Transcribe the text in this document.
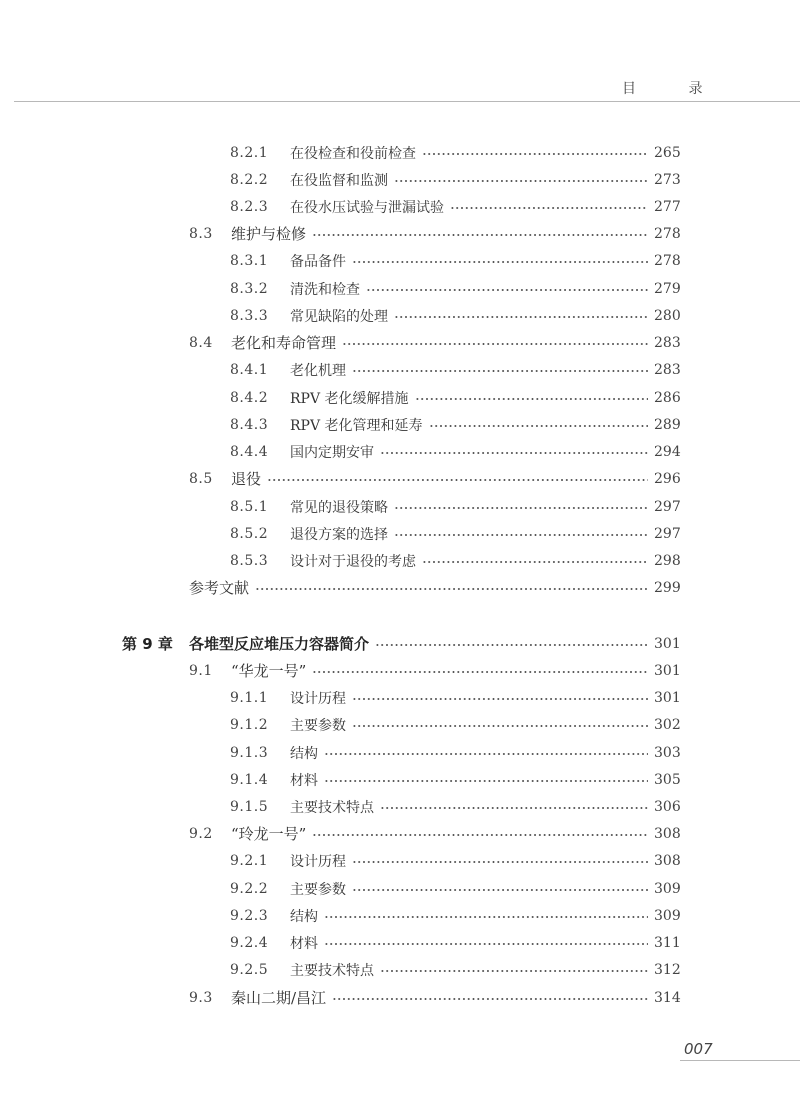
目 录
8.2.1 在役检查和役前检查	265
8.2.2 在役监督和监测	273
8.2.3 在役水压试验与泄漏试验	277
8.3 维护与检修	278
8.3.1 备品备件	278
8.3.2 清洗和检查	279
8.3.3 常见缺陷的处理	280
8.4 老化和寿命管理	283
8.4.1 老化机理	283
8.4.2 RPV 老化缓解措施	286
8.4.3 RPV 老化管理和延寿	289
8.4.4 国内定期安审	294
8.5 退役	296
8.5.1 常见的退役策略	297
8.5.2 退役方案的选择	297
8.5.3 设计对于退役的考虑	298
参考文献	299
第 9 章 各堆型反应堆压力容器简介	301
9.1 “华龙一号”	301
9.1.1 设计历程	301
9.1.2 主要参数	302
9.1.3 结构	303
9.1.4 材料	305
9.1.5 主要技术特点	306
9.2 “玲龙一号”	308
9.2.1 设计历程	308
9.2.2 主要参数	309
9.2.3 结构	309
9.2.4 材料	311
9.2.5 主要技术特点	312
9.3 秦山二期/昌江	314
007
